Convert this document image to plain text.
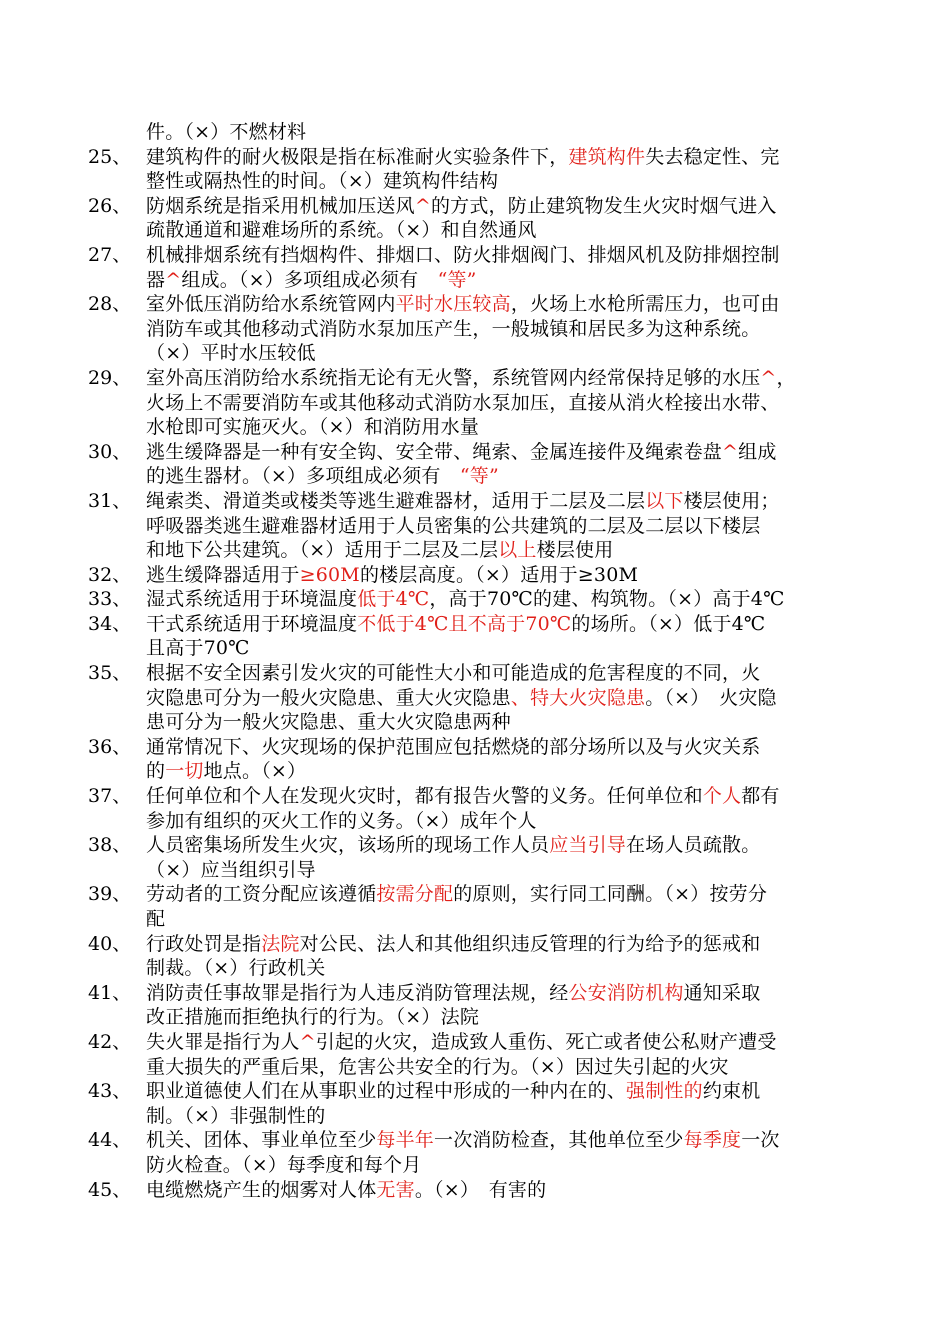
件。（×）不燃材料
25、 建筑构件的耐火极限是指在标准耐火实验条件下，建筑构件失去稳定性、完
整性或隔热性的时间。（×）建筑构件结构
26、 防烟系统是指采用机械加压送风^的方式，防止建筑物发生火灾时烟气进入
疏散通道和避难场所的系统。（×）和自然通风
27、 机械排烟系统有挡烟构件、排烟口、防火排烟阀门、排烟风机及防排烟控制
器^组成。（×）多项组成必须有　“等”
28、 室外低压消防给水系统管网内平时水压较高，火场上水枪所需压力，也可由
消防车或其他移动式消防水泵加压产生，一般城镇和居民多为这种系统。
（×）平时水压较低
29、 室外高压消防给水系统指无论有无火警，系统管网内经常保持足够的水压^，
火场上不需要消防车或其他移动式消防水泵加压，直接从消火栓接出水带、
水枪即可实施灭火。（×）和消防用水量
30、 逃生缓降器是一种有安全钩、安全带、绳索、金属连接件及绳索卷盘^组成
的逃生器材。（×）多项组成必须有　“等”
31、 绳索类、滑道类或楼类等逃生避难器材，适用于二层及二层以下楼层使用；
呼吸器类逃生避难器材适用于人员密集的公共建筑的二层及二层以下楼层
和地下公共建筑。（×）适用于二层及二层以上楼层使用
32、 逃生缓降器适用于≥60M的楼层高度。（×）适用于≥30M
33、 湿式系统适用于环境温度低于4℃，高于70℃的建、构筑物。（×）高于4℃
34、 干式系统适用于环境温度不低于4℃且不高于70℃的场所。（×）低于4℃
且高于70℃
35、 根据不安全因素引发火灾的可能性大小和可能造成的危害程度的不同，火
灾隐患可分为一般火灾隐患、重大火灾隐患、特大火灾隐患。（×）　火灾隐
患可分为一般火灾隐患、重大火灾隐患两种
36、 通常情况下、火灾现场的保护范围应包括燃烧的部分场所以及与火灾关系
的一切地点。（×）
37、 任何单位和个人在发现火灾时，都有报告火警的义务。任何单位和个人都有
参加有组织的灭火工作的义务。（×）成年个人
38、 人员密集场所发生火灾，该场所的现场工作人员应当引导在场人员疏散。
（×）应当组织引导
39、 劳动者的工资分配应该遵循按需分配的原则，实行同工同酬。（×）按劳分
配
40、 行政处罚是指法院对公民、法人和其他组织违反管理的行为给予的惩戒和
制裁。（×）行政机关
41、 消防责任事故罪是指行为人违反消防管理法规，经公安消防机构通知采取
改正措施而拒绝执行的行为。（×）法院
42、 失火罪是指行为人^引起的火灾，造成致人重伤、死亡或者使公私财产遭受
重大损失的严重后果，危害公共安全的行为。（×）因过失引起的火灾
43、 职业道德使人们在从事职业的过程中形成的一种内在的、强制性的约束机
制。（×）非强制性的
44、 机关、团体、事业单位至少每半年一次消防检查，其他单位至少每季度一次
防火检查。（×）每季度和每个月
45、 电缆燃烧产生的烟雾对人体无害。（×）　有害的
